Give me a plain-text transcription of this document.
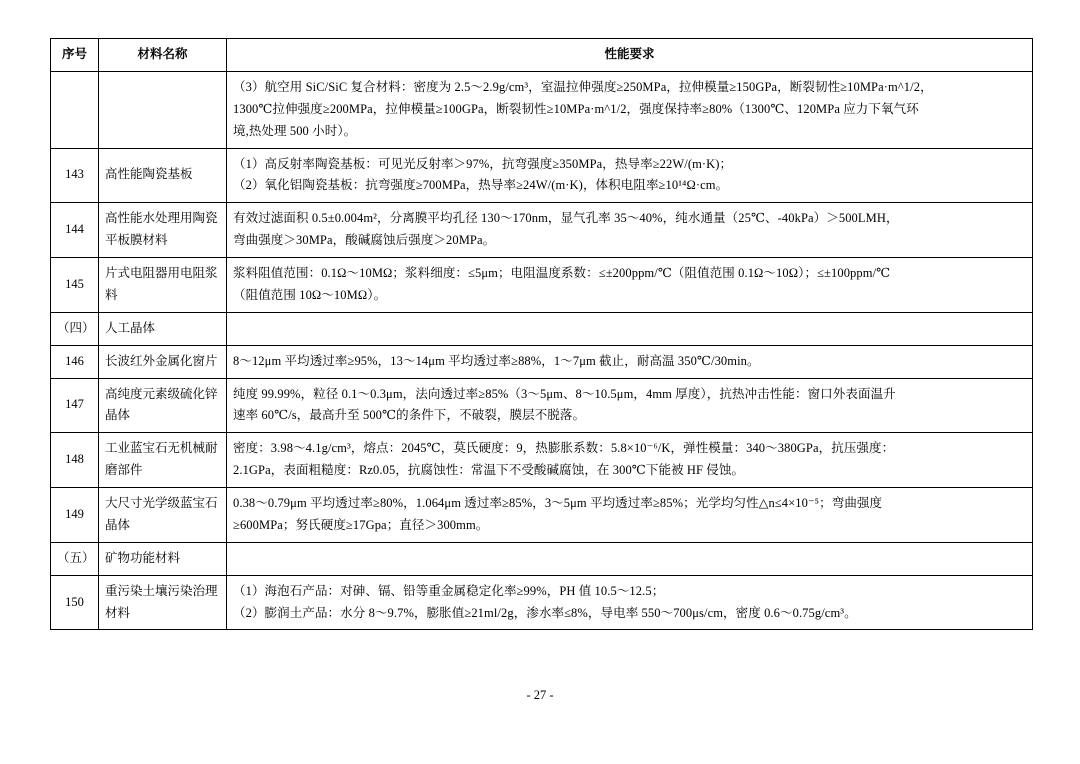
序号	材料名称	性能要求

		（3）航空用 SiC/SiC 复合材料：密度为 2.5～2.9g/cm³，室温拉伸强度≥250MPa，拉伸模量≥150GPa，断裂韧性≥10MPa·m^1/2，

1300℃拉伸强度≥200MPa，拉伸模量≥100GPa，断裂韧性≥10MPa·m^1/2，强度保持率≥80%（1300℃、120MPa 应力下氧气环

境,热处理 500 小时）。

143	高性能陶瓷基板	（1）高反射率陶瓷基板：可见光反射率＞97%，抗弯强度≥350MPa，热导率≥22W/(m·K)；

（2）氧化铝陶瓷基板：抗弯强度≥700MPa，热导率≥24W/(m·K)，体积电阻率≥10¹⁴Ω·cm。

144	高性能水处理用陶瓷平板膜材料	有效过滤面积 0.5±0.004m²，分离膜平均孔径 130～170nm，显气孔率 35～40%，纯水通量（25℃、-40kPa）＞500LMH，

弯曲强度＞30MPa，酸碱腐蚀后强度＞20MPa。

145	片式电阻器用电阻浆料	浆料阻值范围：0.1Ω～10MΩ；浆料细度：≤5μm；电阻温度系数：≤±200ppm/℃（阻值范围 0.1Ω～10Ω）；≤±100ppm/℃

（阻值范围 10Ω～10MΩ）。

（四）	人工晶体	
146	长波红外金属化窗片	8～12μm 平均透过率≥95%，13～14μm 平均透过率≥88%，1～7μm 截止，耐高温 350℃/30min。

147	高纯度元素级硫化锌晶体	纯度 99.99%，粒径 0.1～0.3μm，法向透过率≥85%（3～5μm、8～10.5μm，4mm 厚度），抗热冲击性能：窗口外表面温升

速率 60℃/s，最高升至 500℃的条件下，不破裂，膜层不脱落。

148	工业蓝宝石无机械耐磨部件	密度：3.98～4.1g/cm³，熔点：2045℃，莫氏硬度：9，热膨胀系数：5.8×10⁻⁶/K，弹性模量：340～380GPa，抗压强度：

2.1GPa，表面粗糙度：Rz0.05，抗腐蚀性：常温下不受酸碱腐蚀，在 300℃下能被 HF 侵蚀。

149	大尺寸光学级蓝宝石晶体	0.38～0.79μm 平均透过率≥80%，1.064μm 透过率≥85%，3～5μm 平均透过率≥85%；光学均匀性△n≤4×10⁻⁵；弯曲强度

≥600MPa；努氏硬度≥17Gpa；直径＞300mm。

（五）	矿物功能材料	
150	重污染土壤污染治理材料	（1）海泡石产品：对砷、镉、铅等重金属稳定化率≥99%，PH 值 10.5～12.5；

（2）膨润土产品：水分 8～9.7%，膨胀值≥21ml/2g，渗水率≤8%，导电率 550～700μs/cm，密度 0.6～0.75g/cm³。

- 27 -
